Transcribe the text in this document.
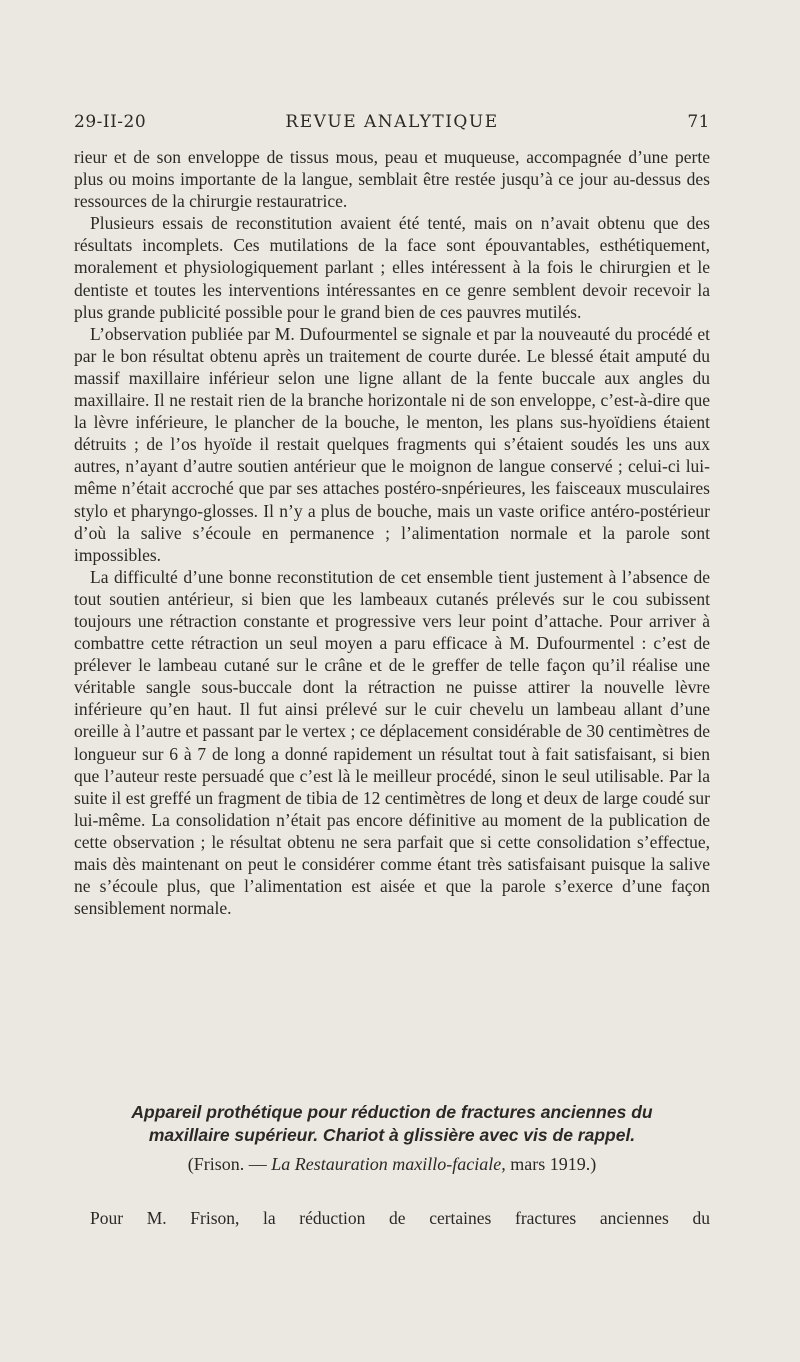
29-II-20	REVUE ANALYTIQUE	71

rieur et de son enveloppe de tissus mous, peau et muqueuse, accompagnée d’une perte plus ou moins importante de la langue, semblait être restée jusqu’à ce jour au-dessus des ressources de la chirurgie restauratrice.

Plusieurs essais de reconstitution avaient été tenté, mais on n’avait obtenu que des résultats incomplets. Ces mutilations de la face sont épouvantables, esthétiquement, moralement et physiologiquement parlant ; elles intéressent à la fois le chirurgien et le dentiste et toutes les interventions intéressantes en ce genre semblent devoir recevoir la plus grande publicité possible pour le grand bien de ces pauvres mutilés.

L’observation publiée par M. Dufourmentel se signale et par la nouveauté du procédé et par le bon résultat obtenu après un traitement de courte durée. Le blessé était amputé du massif maxillaire inférieur selon une ligne allant de la fente buccale aux angles du maxillaire. Il ne restait rien de la branche horizontale ni de son enveloppe, c’est-à-dire que la lèvre inférieure, le plancher de la bouche, le menton, les plans sus-hyoïdiens étaient détruits ; de l’os hyoïde il restait quelques fragments qui s’étaient soudés les uns aux autres, n’ayant d’autre soutien antérieur que le moignon de langue conservé ; celui-ci lui-même n’était accroché que par ses attaches postéro-snpérieures, les faisceaux musculaires stylo et pharyngo-glosses. Il n’y a plus de bouche, mais un vaste orifice antéro-postérieur d’où la salive s’écoule en permanence ; l’alimentation normale et la parole sont impossibles.

La difficulté d’une bonne reconstitution de cet ensemble tient justement à l’absence de tout soutien antérieur, si bien que les lambeaux cutanés prélevés sur le cou subissent toujours une rétraction constante et progressive vers leur point d’attache. Pour arriver à combattre cette rétraction un seul moyen a paru efficace à M. Dufourmentel : c’est de prélever le lambeau cutané sur le crâne et de le greffer de telle façon qu’il réalise une véritable sangle sous-buccale dont la rétraction ne puisse attirer la nouvelle lèvre inférieure qu’en haut. Il fut ainsi prélevé sur le cuir chevelu un lambeau allant d’une oreille à l’autre et passant par le vertex ; ce déplacement considérable de 30 centimètres de longueur sur 6 à 7 de long a donné rapidement un résultat tout à fait satisfaisant, si bien que l’auteur reste persuadé que c’est là le meilleur procédé, sinon le seul utilisable. Par la suite il est greffé un fragment de tibia de 12 centimètres de long et deux de large coudé sur lui-même. La consolidation n’était pas encore définitive au moment de la publication de cette observation ; le résultat obtenu ne sera parfait que si cette consolidation s’effectue, mais dès maintenant on peut le considérer comme étant très satisfaisant puisque la salive ne s’écoule plus, que l’alimentation est aisée et que la parole s’exerce d’une façon sensiblement normale.

Appareil prothétique pour réduction de fractures anciennes du
maxillaire supérieur. Chariot à glissière avec vis de rappel.
(Frison. — La Restauration maxillo-faciale, mars 1919.)

Pour M. Frison, la réduction de certaines fractures anciennes du
